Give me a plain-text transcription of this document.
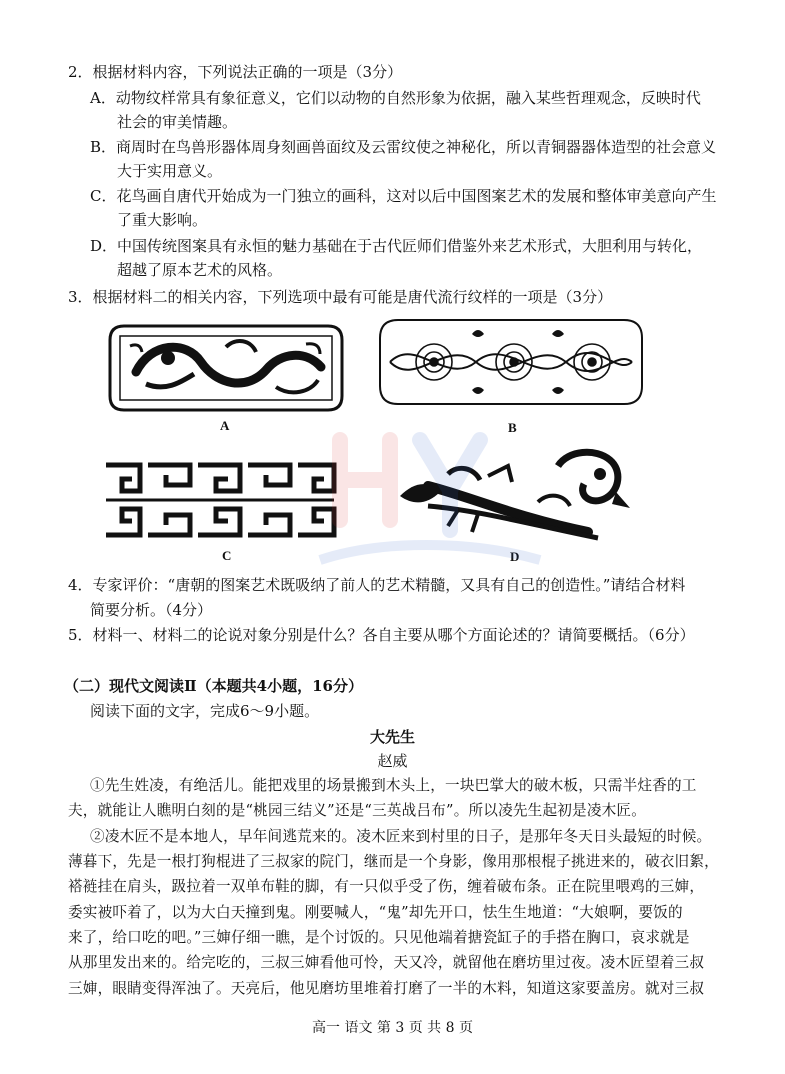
2．根据材料内容，下列说法正确的一项是（3分）
A．动物纹样常具有象征意义，它们以动物的自然形象为依据，融入某些哲理观念，反映时代
社会的审美情趣。
B．商周时在鸟兽形器体周身刻画兽面纹及云雷纹使之神秘化，所以青铜器器体造型的社会意义
大于实用意义。
C．花鸟画自唐代开始成为一门独立的画科，这对以后中国图案艺术的发展和整体审美意向产生
了重大影响。
D．中国传统图案具有永恒的魅力基础在于古代匠师们借鉴外来艺术形式，大胆利用与转化，
超越了原本艺术的风格。
3．根据材料二的相关内容，下列选项中最有可能是唐代流行纹样的一项是（3分）
A	B
C	D
4．专家评价：“唐朝的图案艺术既吸纳了前人的艺术精髓，又具有自己的创造性。”请结合材料
简要分析。（4分）
5．材料一、材料二的论说对象分别是什么？各自主要从哪个方面论述的？请简要概括。（6分）
（二）现代文阅读Ⅱ（本题共4小题，16分）
阅读下面的文字，完成6～9小题。
大先生
赵威
①先生姓凌，有绝活儿。能把戏里的场景搬到木头上，一块巴掌大的破木板，只需半炷香的工
夫，就能让人瞧明白刻的是“桃园三结义”还是“三英战吕布”。所以凌先生起初是凌木匠。
②凌木匠不是本地人，早年间逃荒来的。凌木匠来到村里的日子，是那年冬天日头最短的时候。
薄暮下，先是一根打狗棍进了三叔家的院门，继而是一个身影，像用那根棍子挑进来的，破衣旧絮，
褡裢挂在肩头，趿拉着一双单布鞋的脚，有一只似乎受了伤，缠着破布条。正在院里喂鸡的三婶，
委实被吓着了，以为大白天撞到鬼。刚要喊人，“鬼”却先开口，怯生生地道：“大娘啊，要饭的
来了，给口吃的吧。”三婶仔细一瞧，是个讨饭的。只见他端着搪瓷缸子的手搭在胸口，哀求就是
从那里发出来的。给完吃的，三叔三婶看他可怜，天又冷，就留他在磨坊里过夜。凌木匠望着三叔
三婶，眼睛变得浑浊了。天亮后，他见磨坊里堆着打磨了一半的木料，知道这家要盖房。就对三叔
高一 语文 第 3 页 共 8 页
